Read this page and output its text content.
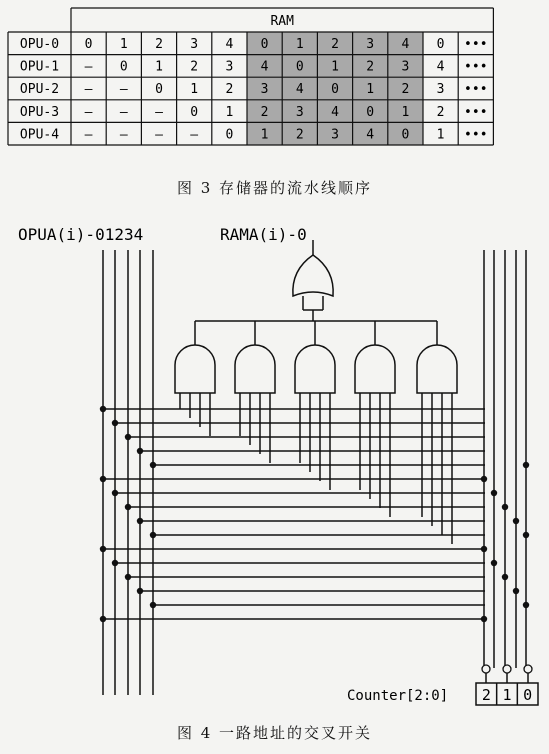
RAM
OPU-0 0 1 2 3 4 0 1 2 3 4 0 •••
OPU-1 – 0 1 2 3 4 0 1 2 3 4 •••
OPU-2 – – 0 1 2 3 4 0 1 2 3 •••
OPU-3 – – – 0 1 2 3 4 0 1 2 •••
OPU-4 – – – – 0 1 2 3 4 0 1 •••
图 3 存储器的流水线顺序
OPUA(i)-01234	RAMA(i)-0
Counter[2:0] 2 1 0
图 4 一路地址的交叉开关
